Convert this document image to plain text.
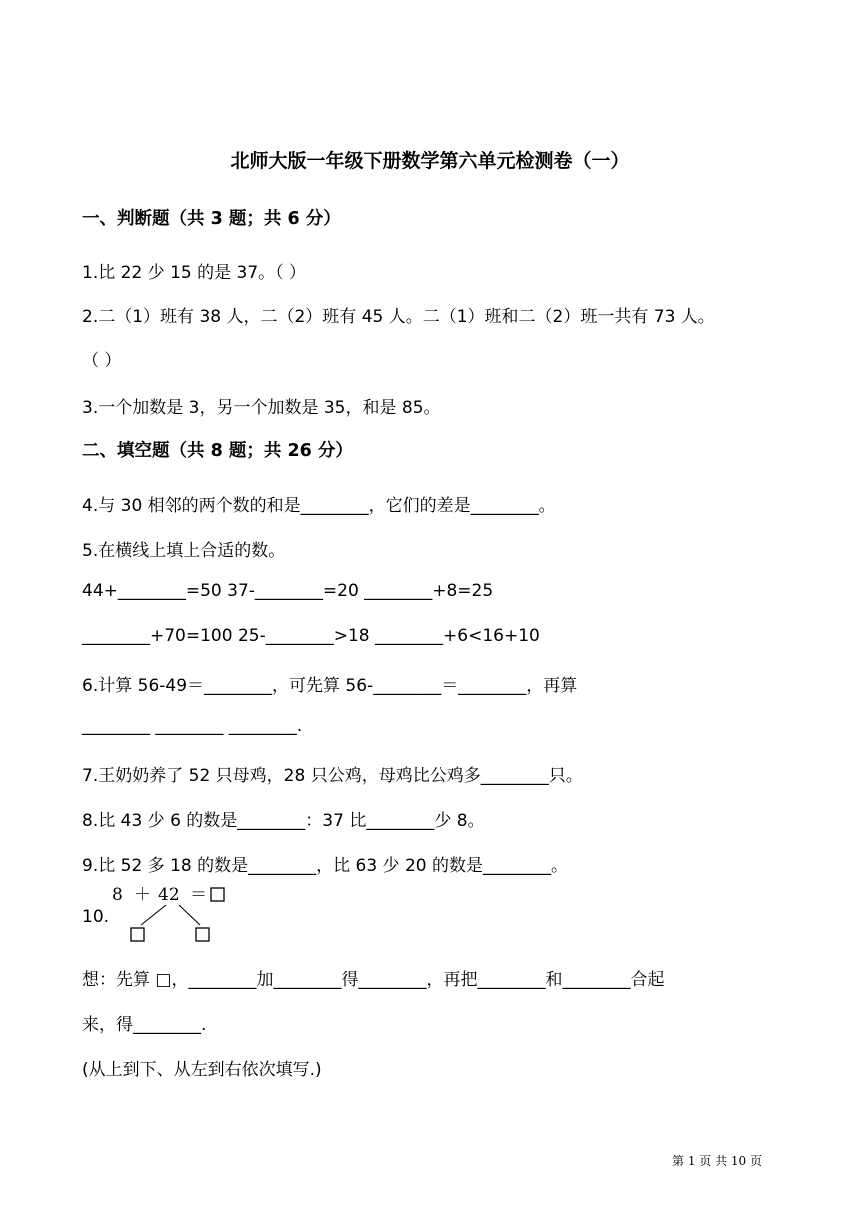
北师大版一年级下册数学第六单元检测卷（一）
一、判断题（共 3 题；共 6 分）
1.比 22 少 15 的是 37。（ ）
2.二（1）班有 38 人，二（2）班有 45 人。二（1）班和二（2）班一共有 73 人。
（ ）
3.一个加数是 3，另一个加数是 35，和是 85。
二、填空题（共 8 题；共 26 分）
4.与 30 相邻的两个数的和是________，它们的差是________。
5.在横线上填上合适的数。
44+________=50 37-________=20 ________+8=25
________+70=100 25-________>18 ________+6<16+10
6.计算 56-49＝________，可先算 56-________＝________，再算
________ ________ ________.
7.王奶奶养了 52 只母鸡，28 只公鸡，母鸡比公鸡多________只。
8.比 43 少 6 的数是________：37 比________少 8。
9.比 52 多 18 的数是________，比 63 少 20 的数是________。
10.
8 ＋ 42 ＝
想：先算 □，________加________得________，再把________和________合起
来，得________.
(从上到下、从左到右依次填写.)
第 1 页 共 10 页
